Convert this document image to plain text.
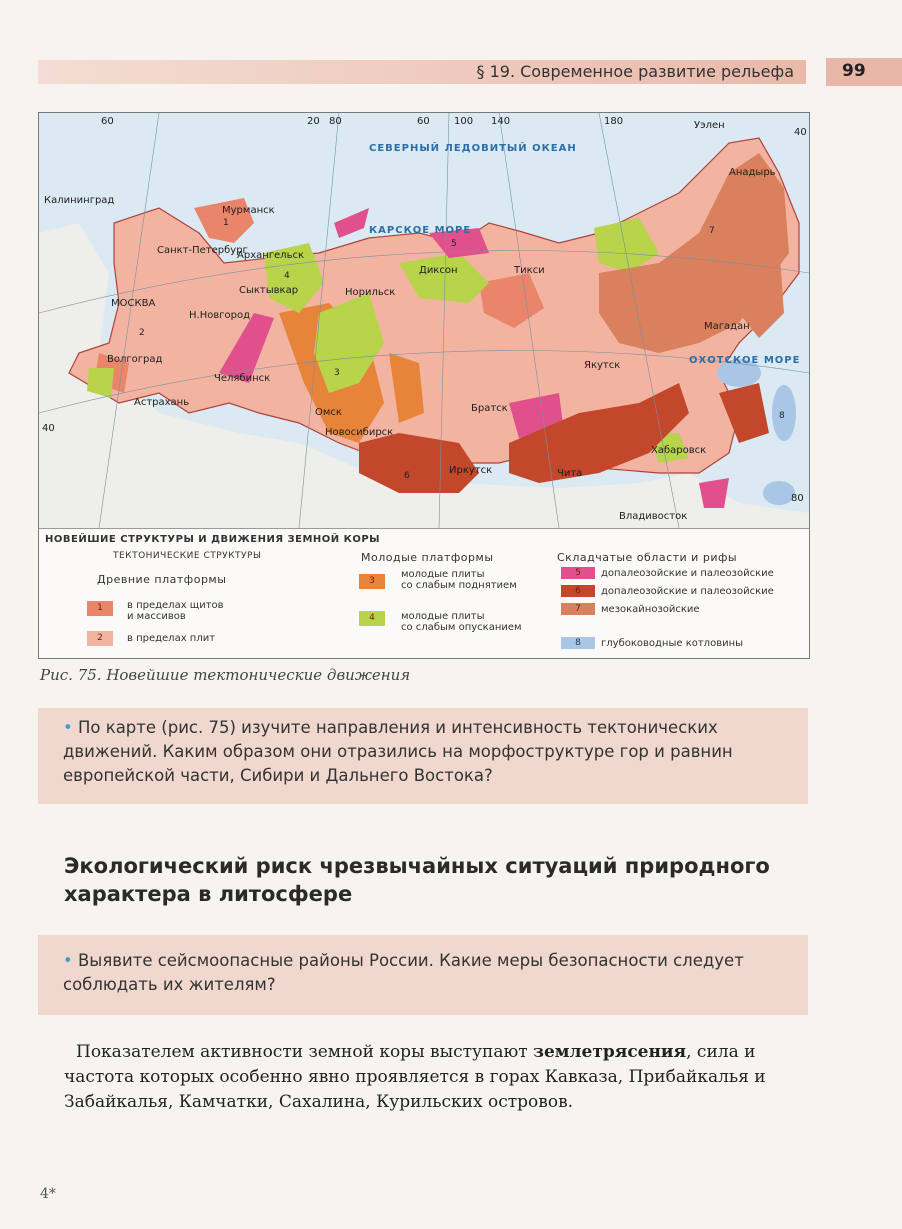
§ 19. Современное развитие рельефа	99
СЕВЕРНЫЙ ЛЕДОВИТЫЙ ОКЕАН
КАРСКОЕ МОРЕ
ОХОТСКОЕ МОРЕ
60	20 80	60 100 140	180
40
80
40
Калининград
Мурманск
Санкт-Петербург
Архангельск
Сыктывкар
МОСКВА
Н.Новгород
Волгоград
Челябинск
Астрахань
Омск
Новосибирск
Норильск
Диксон	Тикси
Якутск
Братск
Иркутск	Чита
Хабаровск
Владивосток
Магадан
Анадырь
Уэлен
1
2
3
4
5
6
7
8
НОВЕЙШИЕ СТРУКТУРЫ И ДВИЖЕНИЯ ЗЕМНОЙ КОРЫ
ТЕКТОНИЧЕСКИЕ СТРУКТУРЫ
Древние платформы
1	в пределах щитов
и массивов
2	в пределах плит
Молодые платформы
3
молодые плиты
со слабым поднятием
4	молодые плиты
со слабым опусканием
Складчатые области и рифы
5	допалеозойские и палеозойские
6	допалеозойские и палеозойские
7	мезокайнозойские
8	глубоководные котловины
Рис. 75. Новейшие тектонические движения
• По карте (рис. 75) изучите направления и интенсивность тектонических движений. Каким образом они отразились на морфоструктуре гор и равнин европейской части, Сибири и Дальнего Востока?
Экологический риск чрезвычайных ситуаций природного характера в литосфере
• Выявите сейсмоопасные районы России. Какие меры безопасности следует соблюдать их жителям?
Показателем активности земной коры выступают землетрясения, сила и частота которых особенно явно проявляется в горах Кавказа, Прибайкалья и Забайкалья, Камчатки, Сахалина, Курильских островов.
4*
